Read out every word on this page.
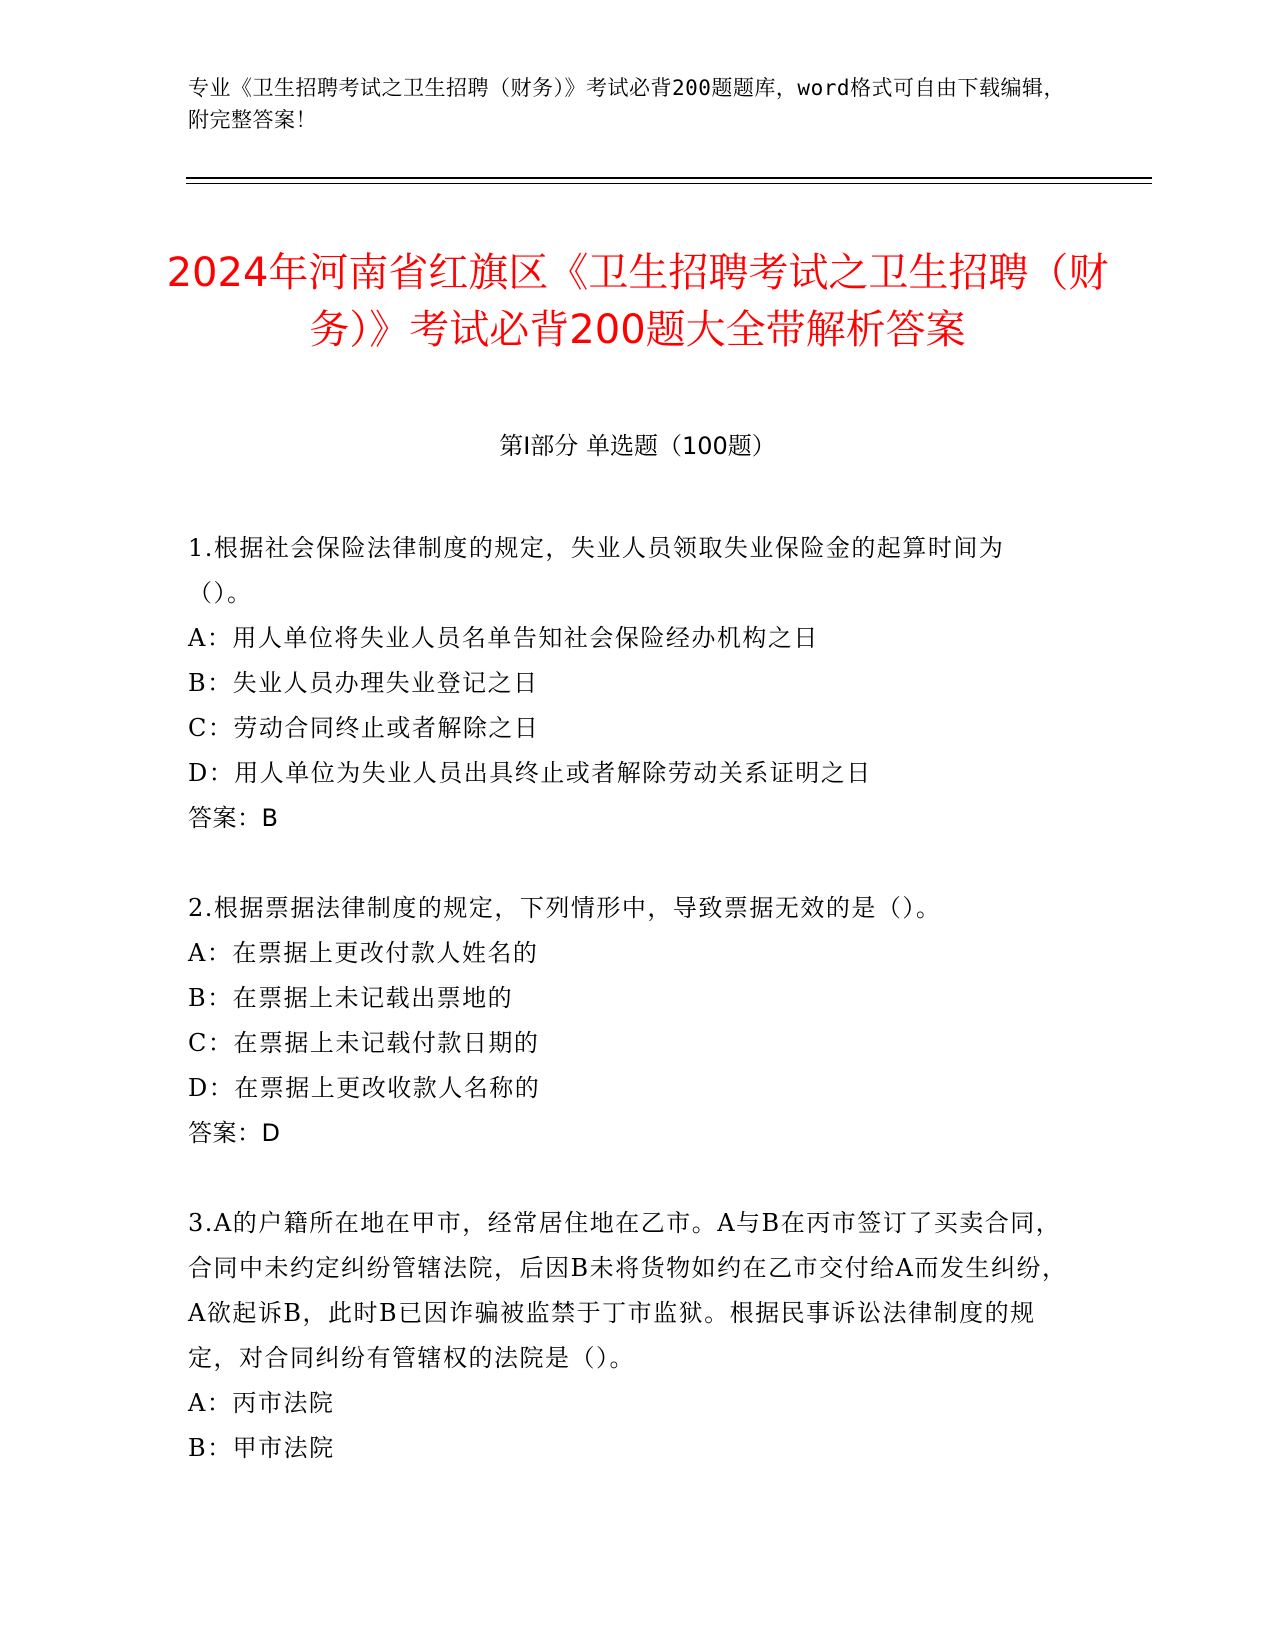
专业《卫生招聘考试之卫生招聘（财务）》考试必背200题题库，word格式可自由下载编辑，附完整答案！
2024年河南省红旗区《卫生招聘考试之卫生招聘（财务）》考试必背200题大全带解析答案
第I部分 单选题（100题）
1.根据社会保险法律制度的规定，失业人员领取失业保险金的起算时间为（）。
A：用人单位将失业人员名单告知社会保险经办机构之日
B：失业人员办理失业登记之日
C：劳动合同终止或者解除之日
D：用人单位为失业人员出具终止或者解除劳动关系证明之日
答案：B
2.根据票据法律制度的规定，下列情形中，导致票据无效的是（）。
A：在票据上更改付款人姓名的
B：在票据上未记载出票地的
C：在票据上未记载付款日期的
D：在票据上更改收款人名称的
答案：D
3.A的户籍所在地在甲市，经常居住地在乙市。A与B在丙市签订了买卖合同，合同中未约定纠纷管辖法院，后因B未将货物如约在乙市交付给A而发生纠纷，A欲起诉B，此时B已因诈骗被监禁于丁市监狱。根据民事诉讼法律制度的规定，对合同纠纷有管辖权的法院是（）。
A：丙市法院
B：甲市法院
